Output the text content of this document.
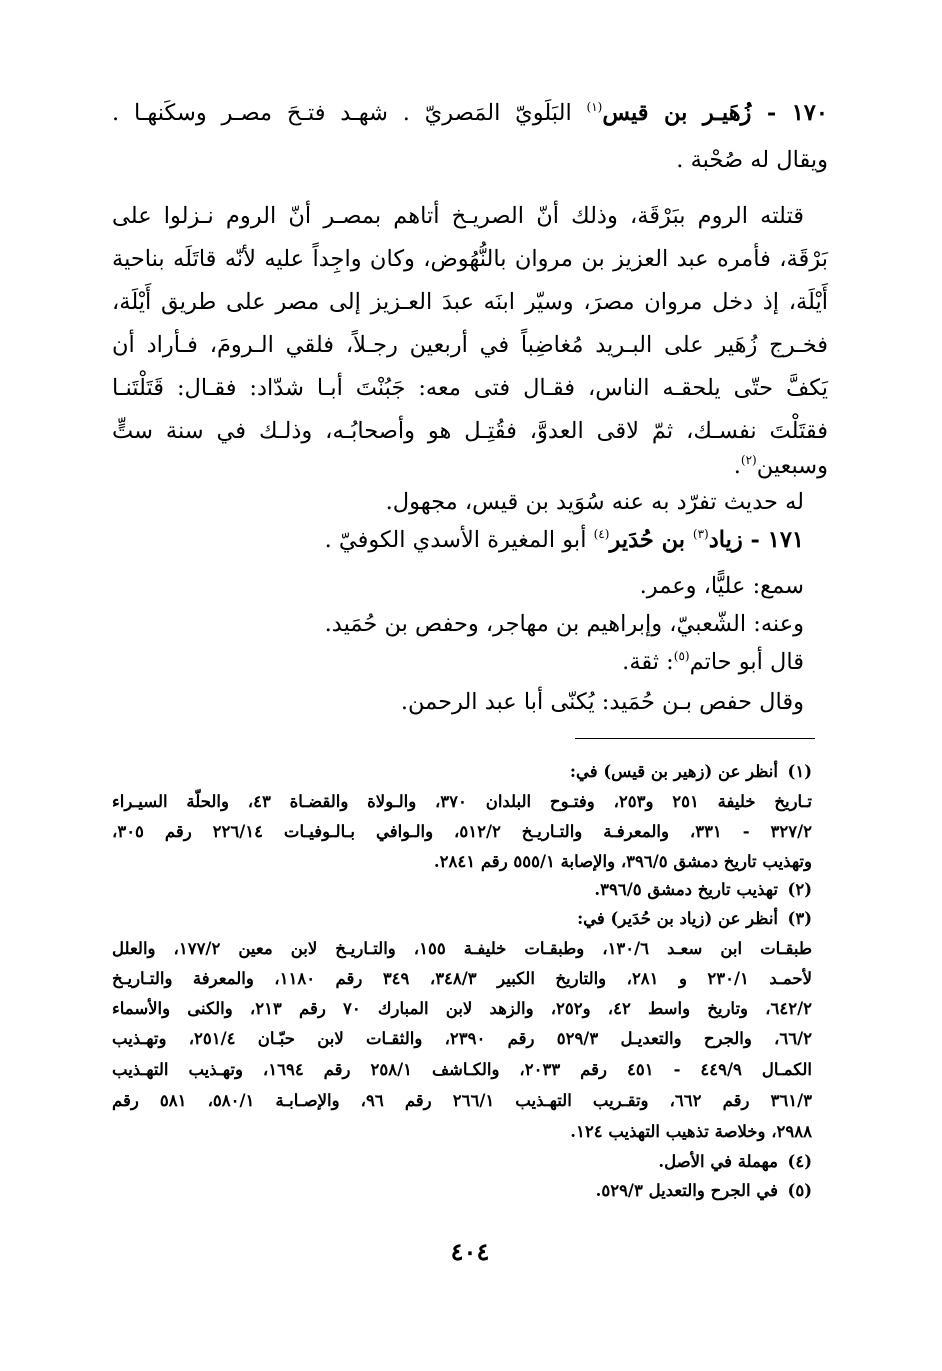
١٧٠ - زُهَيـر بن قيس$^{(١)}$ البَلَويّ المَصريّ . شهـد فتـحَ مصـر وسكَنهـا .
ويقال له صُحْبة .
قتلته الروم ببَرْقَة، وذلك أنّ الصريـخ أتاهم بمصـر أنّ الروم نـزلوا على
بَرْقَة، فأمره عبد العزيز بن مروان بالنُّهُوض، وكان واجِداً عليه لأنّه قاتَلَه بناحية
أَيْلَة، إذ دخل مروان مصرَ، وسيّر ابنَه عبدَ العـزيز إلى مصر على طريق أَيْلَة،
فخـرج زُهَير على البـريد مُغاضِباً في أربعين رجـلاً، فلقي الـرومَ، فـأراد أن
يَكفَّ حتّى يلحقـه الناس، فقـال فتى معه: جَبُنْتَ أبـا شدّاد: فقـال: قَتَلْتَنـا
فقتَلْتَ نفسـك، ثمّ لاقى العدوَّ، فقُتِـل هو وأصحابُـه، وذلـك في سنة ستٍّ
وسبعين$^{(٢)}$.
له حديث تفرّد به عنه سُوَيد بن قيس، مجهول.
١٧١ - زياد$^{(٣)}$ بن حُدَير$^{(٤)}$ أبو المغيرة الأسدي الكوفيّ .
سمع: عليًّا، وعمر.
وعنه: الشّعبيّ، وإبراهيم بن مهاجر، وحفص بن حُمَيد.
قال أبو حاتم$^{(٥)}$: ثقة.
وقال حفص بـن حُمَيد: يُكنّى أبا عبد الرحمن.
(١)
أنظر عن (زهير بن قيس) في:
تـاريخ خليفة ٢٥١ و٢٥٣، وفتـوح البلدان ٣٧٠، والـولاة والقضـاة ٤٣، والحلّة السيـراء
٣٢٧/٢ - ٣٣١، والمعرفـة والتـاريـخ ٥١٢/٢، والـوافي بـالـوفيـات ٢٢٦/١٤ رقم ٣٠٥،
وتهذيب تاريخ دمشق ٣٩٦/٥، والإصابة ٥٥٥/١ رقم ٢٨٤١.
(٢)
تهذيب تاريخ دمشق ٣٩٦/٥.
(٣)
أنظر عن (زياد بن حُدَير) في:
طبقـات ابن سعـد ١٣٠/٦، وطبقـات خليفـة ١٥٥، والتـاريـخ لابن معين ١٧٧/٢، والعلل
لأحمـد ٢٣٠/١ و ٢٨١، والتاريخ الكبير ٣٤٨/٣، ٣٤٩ رقم ١١٨٠، والمعرفة والتـاريـخ
٦٤٢/٢، وتاريخ واسط ٤٢، و٢٥٢، والزهد لابن المبارك ٧٠ رقم ٢١٣، والكنى والأسماء
٦٦/٢، والجرح والتعديـل ٥٢٩/٣ رقم ٢٣٩٠، والثقـات لابن حبّـان ٢٥١/٤، وتهـذيب
الكمـال ٤٤٩/٩ - ٤٥١ رقم ٢٠٣٣، والكـاشف ٢٥٨/١ رقم ١٦٩٤، وتهـذيب التهـذيب
٣٦١/٣ رقم ٦٦٢، وتقـريب التهـذيب ٢٦٦/١ رقم ٩٦، والإصـابـة ٥٨٠/١، ٥٨١ رقم
٢٩٨٨، وخلاصة تذهيب التهذيب ١٢٤.
(٤)
مهملة في الأصل.
(٥)
في الجرح والتعديل ٥٢٩/٣.
٤٠٤
